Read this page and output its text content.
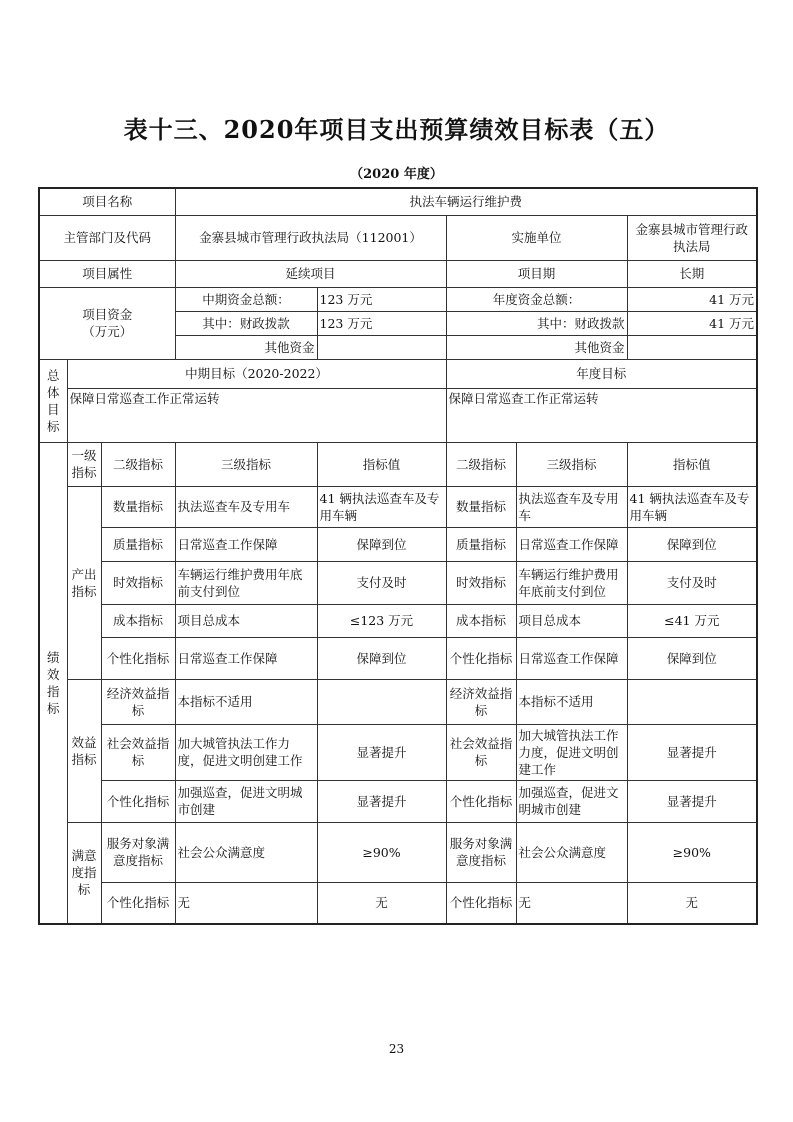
表十三、2020年项目支出预算绩效目标表（五）
（2020 年度）
项目名称			执法车辆运行维护费				
主管部门及代码			金寨县城市管理行政执法局（112001）		实施单位		金寨县城市管理行政执法局
项目属性			延续项目		项目期		长期
项目资金（万元）			中期资金总额：	123 万元	年度资金总额：		41 万元
			其中：财政拨款	123 万元	其中：财政拨款		41 万元
			其他资金		其他资金		
总体目标	中期目标（2020-2022）				年度目标		
	保障日常巡查工作正常运转				保障日常巡查工作正常运转		
绩效指标	一级指标	二级指标	三级指标	指标值	二级指标	三级指标	指标值
	产出指标	数量指标	执法巡查车及专用车	41 辆执法巡查车及专用车辆	数量指标	执法巡查车及专用车	41 辆执法巡查车及专用车辆
		质量指标	日常巡查工作保障	保障到位	质量指标	日常巡查工作保障	保障到位
		时效指标	车辆运行维护费用年底前支付到位	支付及时	时效指标	车辆运行维护费用年底前支付到位	支付及时
		成本指标	项目总成本	≤123 万元	成本指标	项目总成本	≤41 万元
		个性化指标	日常巡查工作保障	保障到位	个性化指标	日常巡查工作保障	保障到位
	效益指标	经济效益指标	本指标不适用		经济效益指标	本指标不适用	
		社会效益指标	加大城管执法工作力度，促进文明创建工作	显著提升	社会效益指标	加大城管执法工作力度，促进文明创建工作	显著提升
		个性化指标	加强巡查，促进文明城市创建	显著提升	个性化指标	加强巡查，促进文明城市创建	显著提升
	满意度指标	服务对象满意度指标	社会公众满意度	≥90%	服务对象满意度指标	社会公众满意度	≥90%
		个性化指标	无	无	个性化指标	无	无
23
